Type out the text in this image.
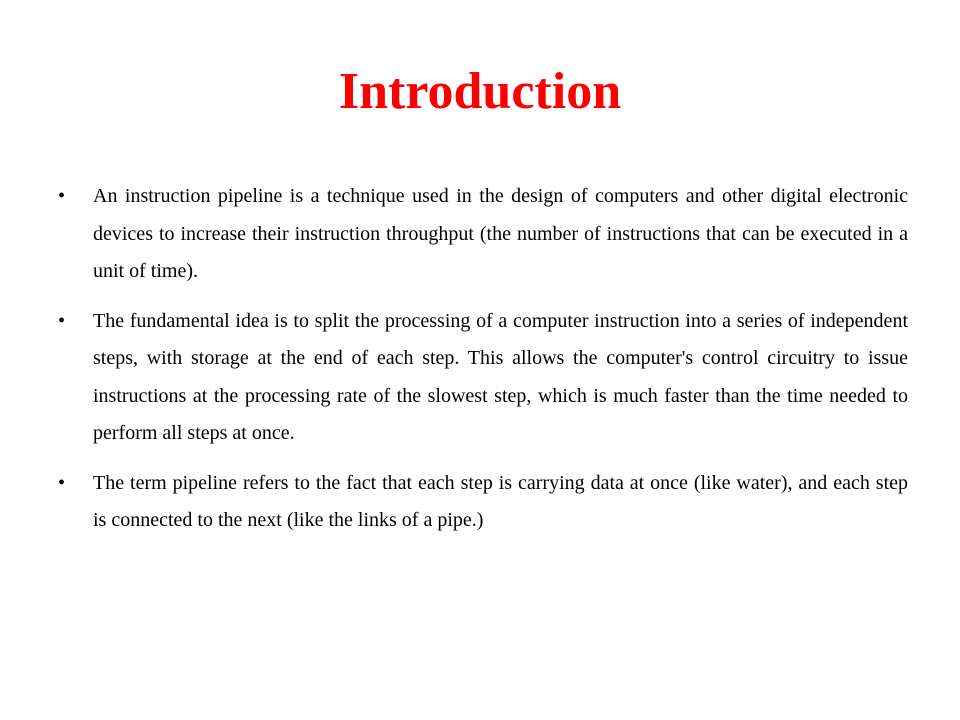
Introduction
•	An instruction pipeline is a technique used in the design of computers and other digital electronic devices to increase their instruction throughput (the number of instructions that can be executed in a unit of time).
•	The fundamental idea is to split the processing of a computer instruction into a series of independent steps, with storage at the end of each step. This allows the computer's control circuitry to issue instructions at the processing rate of the slowest step, which is much faster than the time needed to perform all steps at once.
•	The term pipeline refers to the fact that each step is carrying data at once (like water), and each step is connected to the next (like the links of a pipe.)
